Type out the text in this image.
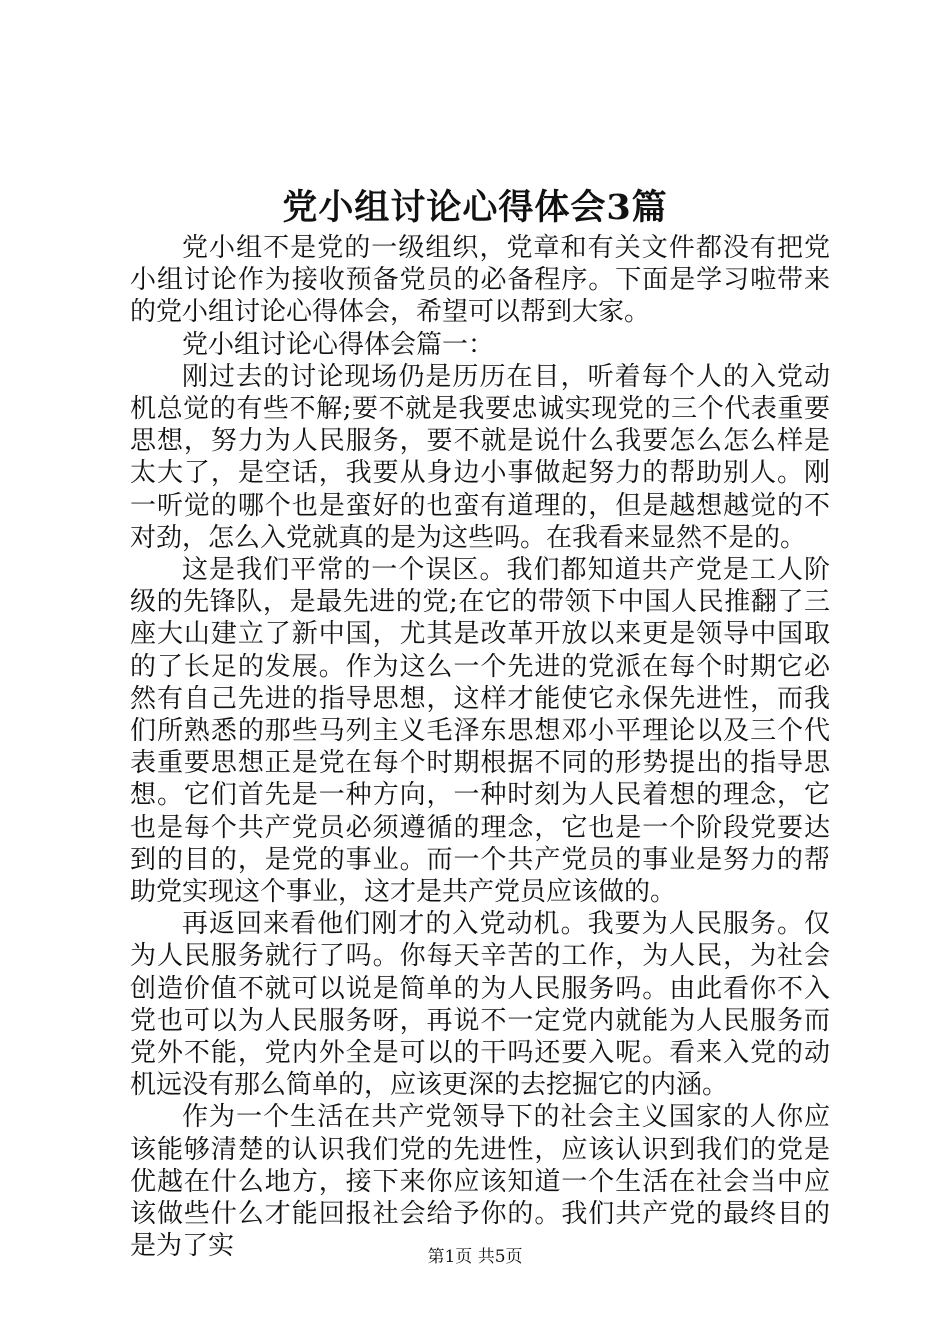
党小组讨论心得体会3篇

党小组不是党的一级组织，党章和有关文件都没有把党小组讨论作为接收预备党员的必备程序。下面是学习啦带来的党小组讨论心得体会，希望可以帮到大家。

党小组讨论心得体会篇一：

刚过去的讨论现场仍是历历在目，听着每个人的入党动机总觉的有些不解;要不就是我要忠诚实现党的三个代表重要思想，努力为人民服务，要不就是说什么我要怎么怎么样是太大了，是空话，我要从身边小事做起努力的帮助别人。刚一听觉的哪个也是蛮好的也蛮有道理的，但是越想越觉的不对劲，怎么入党就真的是为这些吗。在我看来显然不是的。

这是我们平常的一个误区。我们都知道共产党是工人阶级的先锋队，是最先进的党;在它的带领下中国人民推翻了三座大山建立了新中国，尤其是改革开放以来更是领导中国取的了长足的发展。作为这么一个先进的党派在每个时期它必然有自己先进的指导思想，这样才能使它永保先进性，而我们所熟悉的那些马列主义毛泽东思想邓小平理论以及三个代表重要思想正是党在每个时期根据不同的形势提出的指导思想。它们首先是一种方向，一种时刻为人民着想的理念，它也是每个共产党员必须遵循的理念，它也是一个阶段党要达到的目的，是党的事业。而一个共产党员的事业是努力的帮助党实现这个事业，这才是共产党员应该做的。

再返回来看他们刚才的入党动机。我要为人民服务。仅为人民服务就行了吗。你每天辛苦的工作，为人民，为社会创造价值不就可以说是简单的为人民服务吗。由此看你不入党也可以为人民服务呀，再说不一定党内就能为人民服务而党外不能，党内外全是可以的干吗还要入呢。看来入党的动机远没有那么简单的，应该更深的去挖掘它的内涵。

作为一个生活在共产党领导下的社会主义国家的人你应该能够清楚的认识我们党的先进性，应该认识到我们的党是优越在什么地方，接下来你应该知道一个生活在社会当中应该做些什么才能回报社会给予你的。我们共产党的最终目的是为了实	第1页 共5页
